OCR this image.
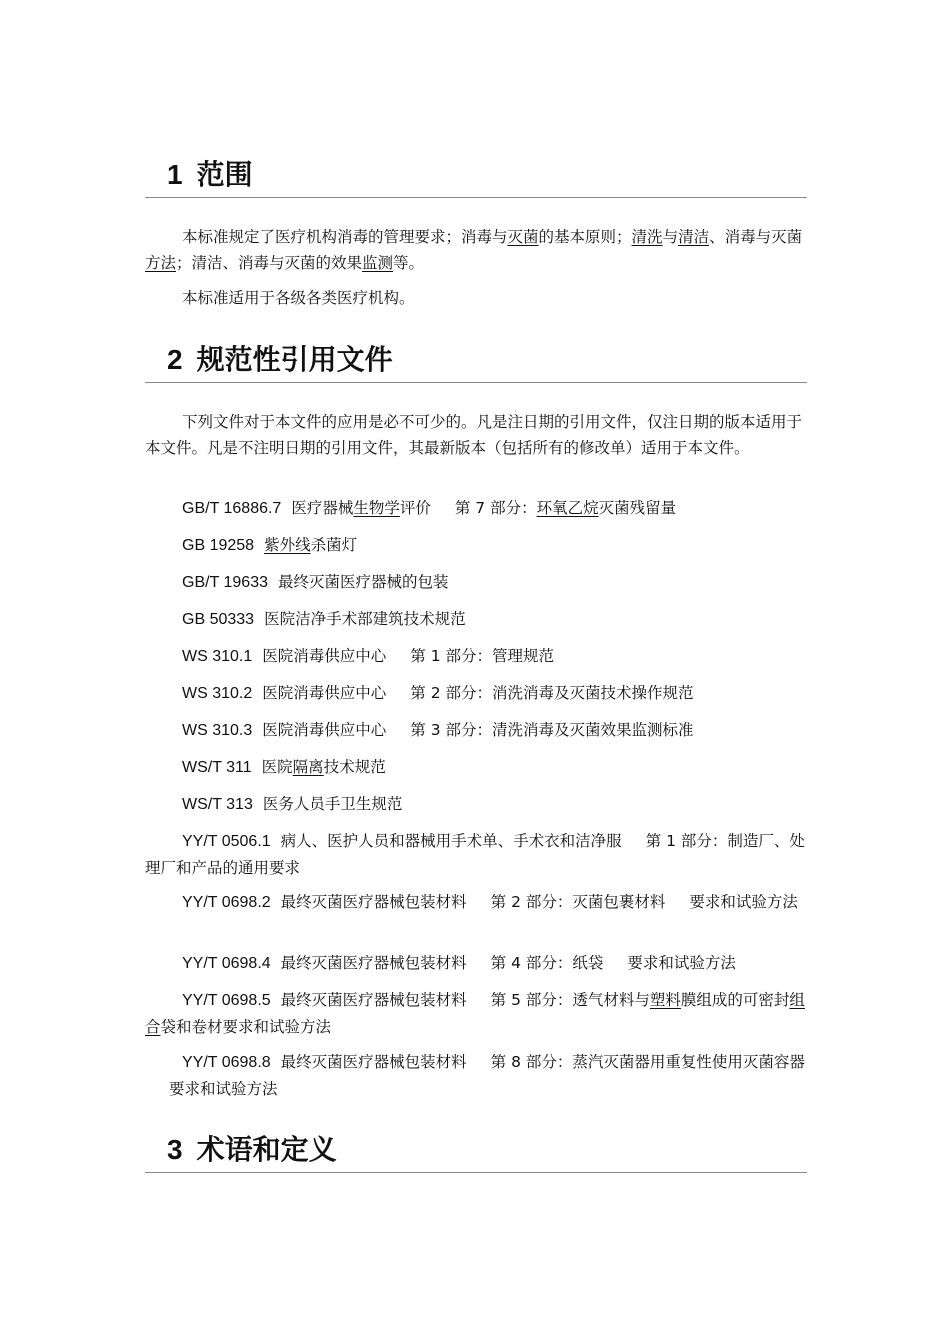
1 范围

本标准规定了医疗机构消毒的管理要求；消毒与灭菌的基本原则；清洗与清洁、消毒与灭菌方法；清洁、消毒与灭菌的效果监测等。

本标准适用于各级各类医疗机构。

2 规范性引用文件

下列文件对于本文件的应用是必不可少的。凡是注日期的引用文件，仅注日期的版本适用于本文件。凡是不注明日期的引用文件，其最新版本（包括所有的修改单）适用于本文件。

GB/T 16886.7 医疗器械生物学评价 第 7 部分：环氧乙烷灭菌残留量

GB 19258 紫外线杀菌灯

GB/T 19633 最终灭菌医疗器械的包装

GB 50333 医院洁净手术部建筑技术规范

WS 310.1 医院消毒供应中心 第 1 部分：管理规范

WS 310.2 医院消毒供应中心 第 2 部分：消洗消毒及灭菌技术操作规范

WS 310.3 医院消毒供应中心 第 3 部分：清洗消毒及灭菌效果监测标准

WS/T 311 医院隔离技术规范

WS/T 313 医务人员手卫生规范

YY/T 0506.1 病人、医护人员和器械用手术单、手术衣和洁净服 第 1 部分：制造厂、处理厂和产品的通用要求

YY/T 0698.2 最终灭菌医疗器械包装材料 第 2 部分：灭菌包裹材料 要求和试验方法

YY/T 0698.4 最终灭菌医疗器械包装材料 第 4 部分：纸袋 要求和试验方法

YY/T 0698.5 最终灭菌医疗器械包装材料 第 5 部分：透气材料与塑料膜组成的可密封组合袋和卷材要求和试验方法

YY/T 0698.8 最终灭菌医疗器械包装材料 第 8 部分：蒸汽灭菌器用重复性使用灭菌容器要求和试验方法

3 术语和定义
